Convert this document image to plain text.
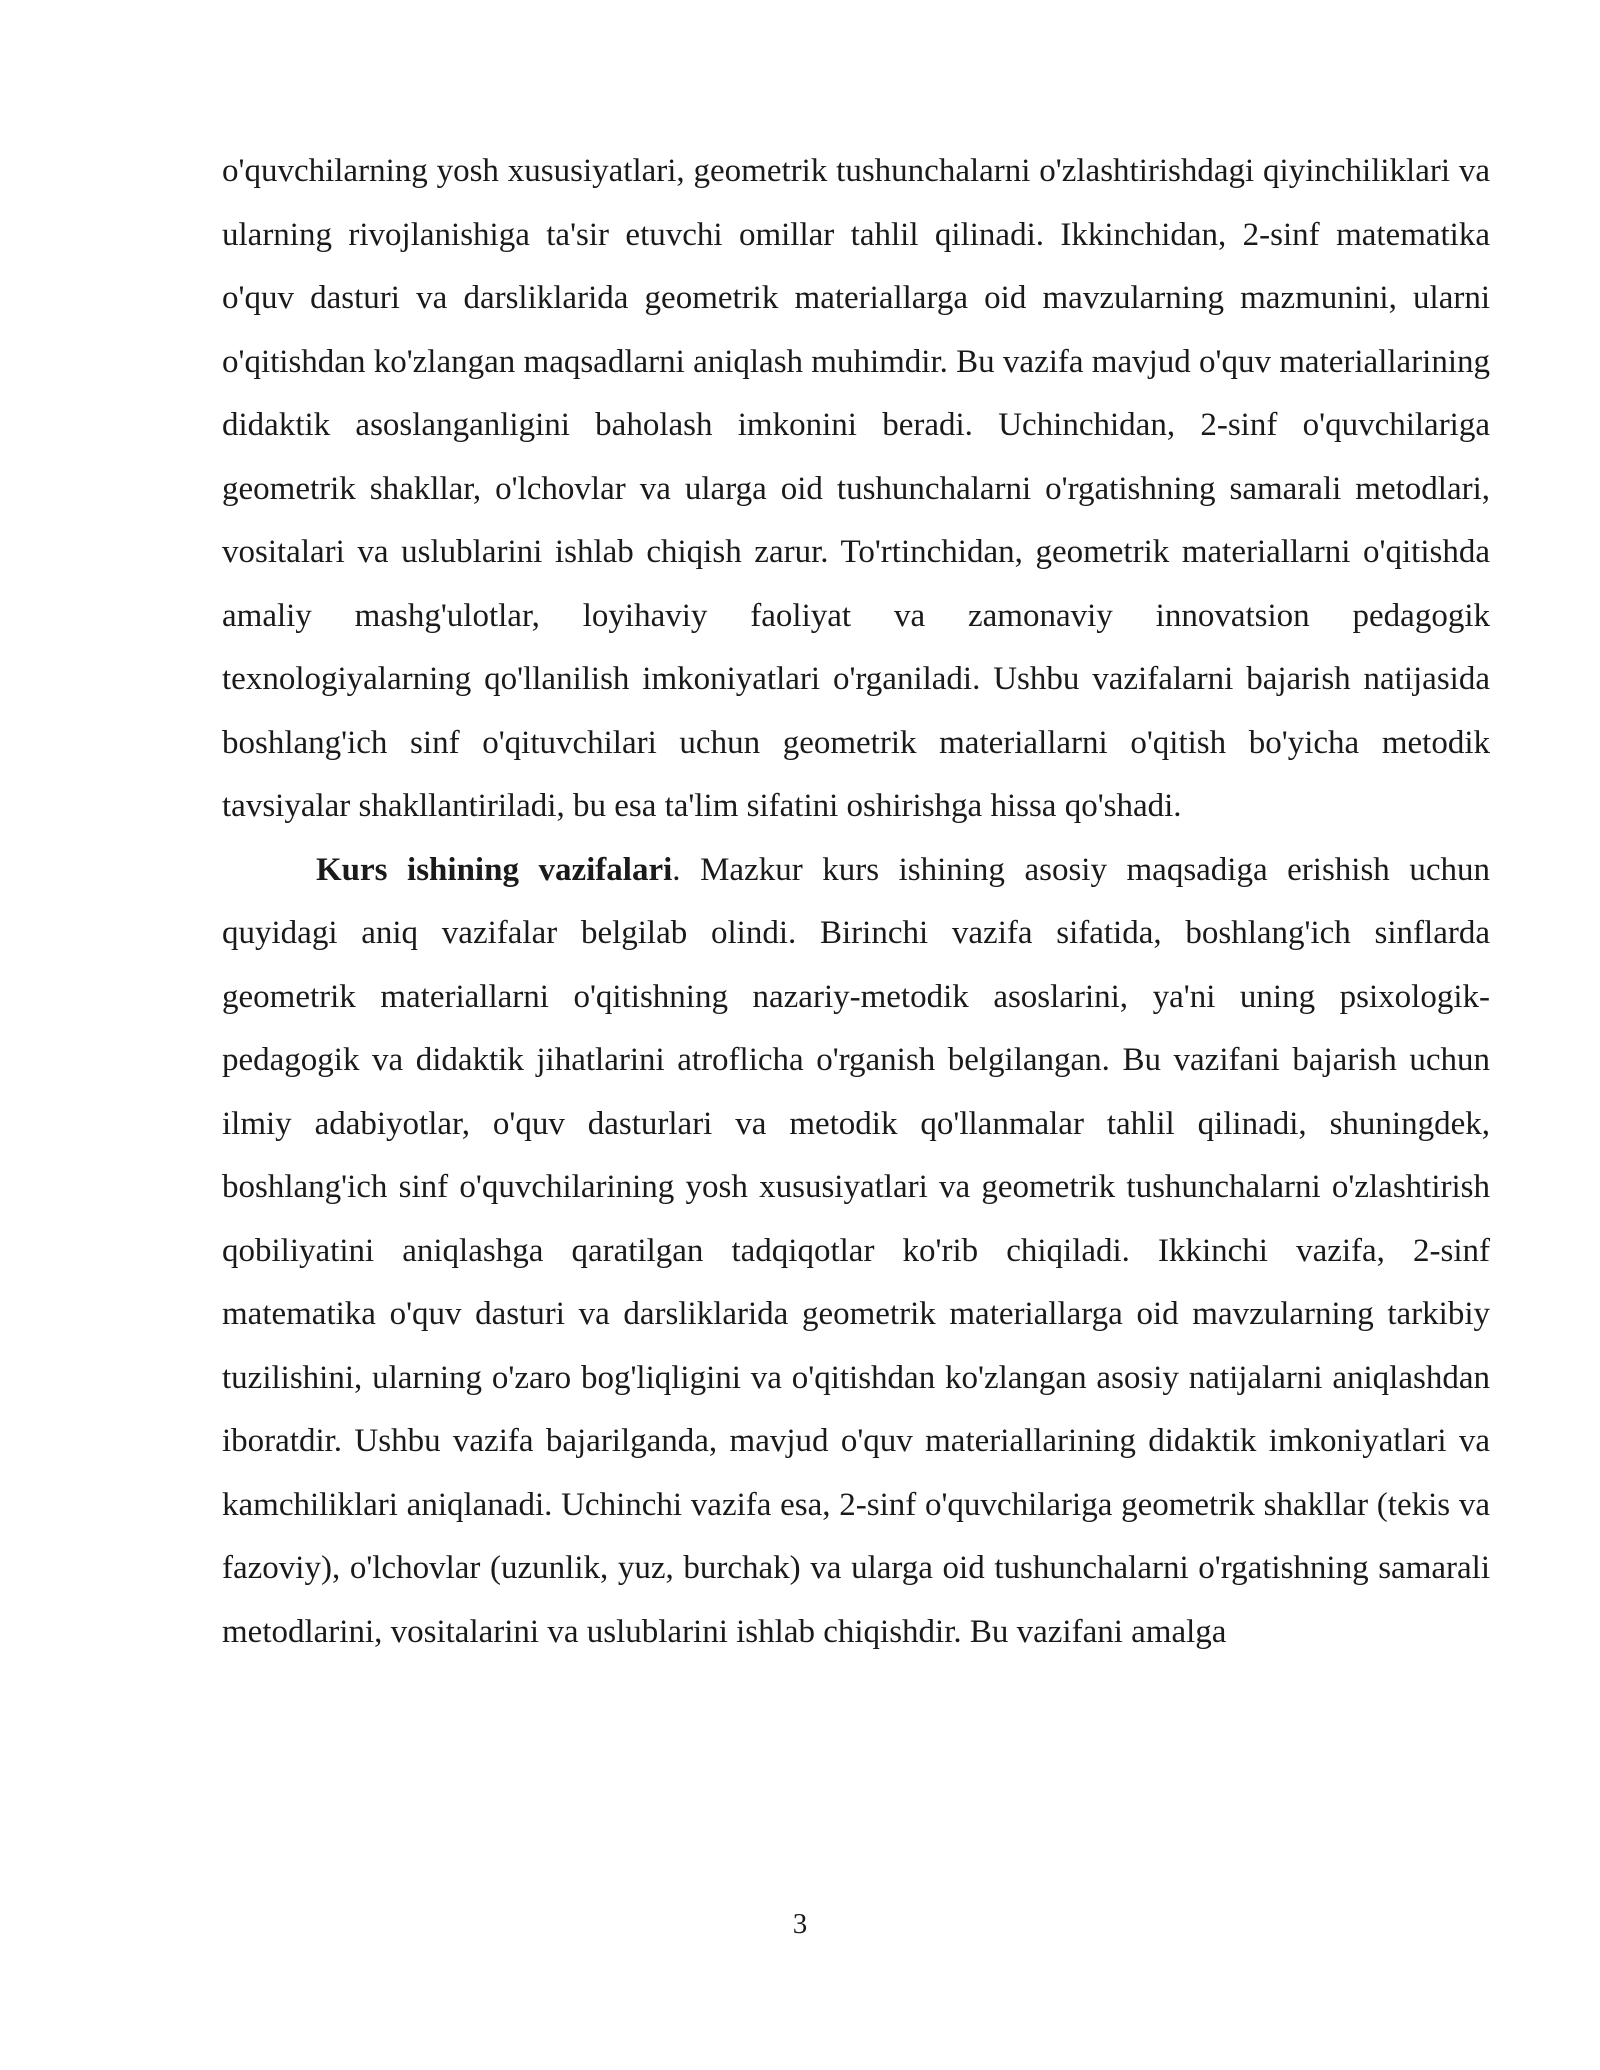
o'quvchilarning yosh xususiyatlari, geometrik tushunchalarni o'zlashtirishdagi qiyinchiliklari va ularning rivojlanishiga ta'sir etuvchi omillar tahlil qilinadi. Ikkinchidan, 2-sinf matematika o'quv dasturi va darsliklarida geometrik materiallarga oid mavzularning mazmunini, ularni o'qitishdan ko'zlangan maqsadlarni aniqlash muhimdir. Bu vazifa mavjud o'quv materiallarining didaktik asoslanganligini baholash imkonini beradi. Uchinchidan, 2-sinf o'quvchilariga geometrik shakllar, o'lchovlar va ularga oid tushunchalarni o'rgatishning samarali metodlari, vositalari va uslublarini ishlab chiqish zarur. To'rtinchidan, geometrik materiallarni o'qitishda amaliy mashg'ulotlar, loyihaviy faoliyat va zamonaviy innovatsion pedagogik texnologiyalarning qo'llanilish imkoniyatlari o'rganiladi. Ushbu vazifalarni bajarish natijasida boshlang'ich sinf o'qituvchilari uchun geometrik materiallarni o'qitish bo'yicha metodik tavsiyalar shakllantiriladi, bu esa ta'lim sifatini oshirishga hissa qo'shadi.

Kurs ishining vazifalari. Mazkur kurs ishining asosiy maqsadiga erishish uchun quyidagi aniq vazifalar belgilab olindi. Birinchi vazifa sifatida, boshlang'ich sinflarda geometrik materiallarni o'qitishning nazariy-metodik asoslarini, ya'ni uning psixologik-pedagogik va didaktik jihatlarini atroflicha o'rganish belgilangan. Bu vazifani bajarish uchun ilmiy adabiyotlar, o'quv dasturlari va metodik qo'llanmalar tahlil qilinadi, shuningdek, boshlang'ich sinf o'quvchilarining yosh xususiyatlari va geometrik tushunchalarni o'zlashtirish qobiliyatini aniqlashga qaratilgan tadqiqotlar ko'rib chiqiladi. Ikkinchi vazifa, 2-sinf matematika o'quv dasturi va darsliklarida geometrik materiallarga oid mavzularning tarkibiy tuzilishini, ularning o'zaro bog'liqligini va o'qitishdan ko'zlangan asosiy natijalarni aniqlashdan iboratdir. Ushbu vazifa bajarilganda, mavjud o'quv materiallarining didaktik imkoniyatlari va kamchiliklari aniqlanadi. Uchinchi vazifa esa, 2-sinf o'quvchilariga geometrik shakllar (tekis va fazoviy), o'lchovlar (uzunlik, yuz, burchak) va ularga oid tushunchalarni o'rgatishning samarali metodlarini, vositalarini va uslublarini ishlab chiqishdir. Bu vazifani amalga

3
